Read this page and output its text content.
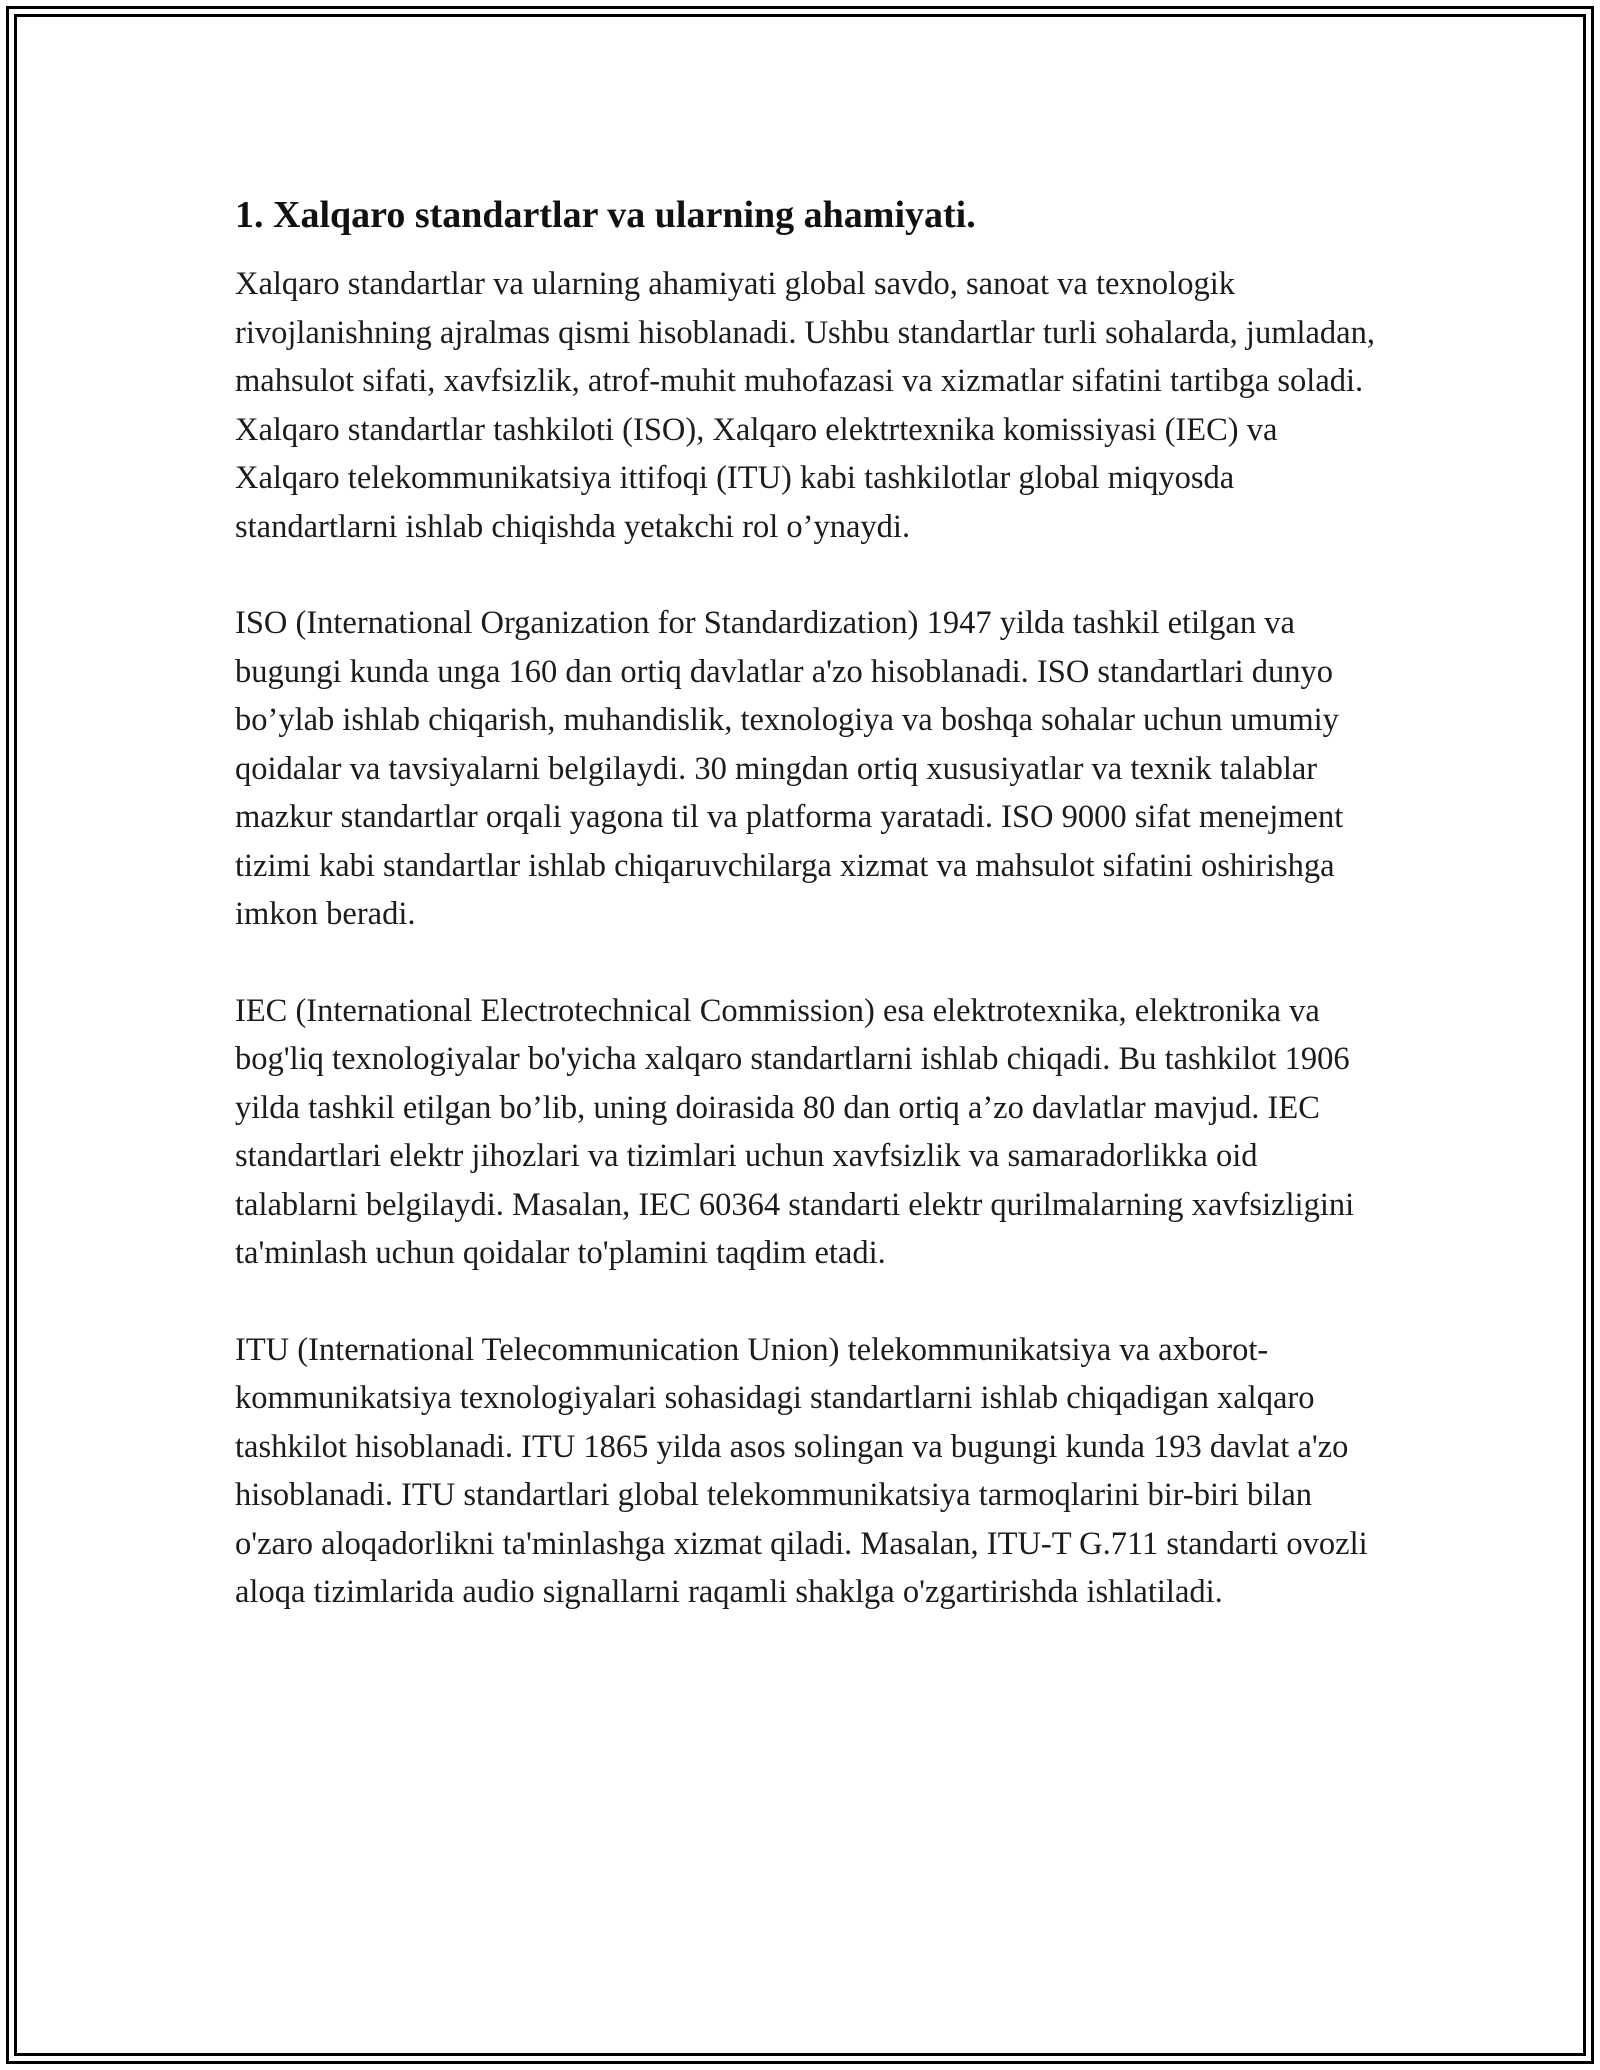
1. Xalqaro standartlar va ularning ahamiyati.

Xalqaro standartlar va ularning ahamiyati global savdo, sanoat va texnologik rivojlanishning ajralmas qismi hisoblanadi. Ushbu standartlar turli sohalarda, jumladan, mahsulot sifati, xavfsizlik, atrof-muhit muhofazasi va xizmatlar sifatini tartibga soladi. Xalqaro standartlar tashkiloti (ISO), Xalqaro elektrtexnika komissiyasi (IEC) va Xalqaro telekommunikatsiya ittifoqi (ITU) kabi tashkilotlar global miqyosda standartlarni ishlab chiqishda yetakchi rol o’ynaydi.

ISO (International Organization for Standardization) 1947 yilda tashkil etilgan va bugungi kunda unga 160 dan ortiq davlatlar a'zo hisoblanadi. ISO standartlari dunyo bo’ylab ishlab chiqarish, muhandislik, texnologiya va boshqa sohalar uchun umumiy qoidalar va tavsiyalarni belgilaydi. 30 mingdan ortiq xususiyatlar va texnik talablar mazkur standartlar orqali yagona til va platforma yaratadi. ISO 9000 sifat menejment tizimi kabi standartlar ishlab chiqaruvchilarga xizmat va mahsulot sifatini oshirishga imkon beradi.

IEC (International Electrotechnical Commission) esa elektrotexnika, elektronika va bog'liq texnologiyalar bo'yicha xalqaro standartlarni ishlab chiqadi. Bu tashkilot 1906 yilda tashkil etilgan bo’lib, uning doirasida 80 dan ortiq a’zo davlatlar mavjud. IEC standartlari elektr jihozlari va tizimlari uchun xavfsizlik va samaradorlikka oid talablarni belgilaydi. Masalan, IEC 60364 standarti elektr qurilmalarning xavfsizligini ta'minlash uchun qoidalar to'plamini taqdim etadi.

ITU (International Telecommunication Union) telekommunikatsiya va axborot-kommunikatsiya texnologiyalari sohasidagi standartlarni ishlab chiqadigan xalqaro tashkilot hisoblanadi. ITU 1865 yilda asos solingan va bugungi kunda 193 davlat a'zo hisoblanadi. ITU standartlari global telekommunikatsiya tarmoqlarini bir-biri bilan o'zaro aloqadorlikni ta'minlashga xizmat qiladi. Masalan, ITU-T G.711 standarti ovozli aloqa tizimlarida audio signallarni raqamli shaklga o'zgartirishda ishlatiladi.
